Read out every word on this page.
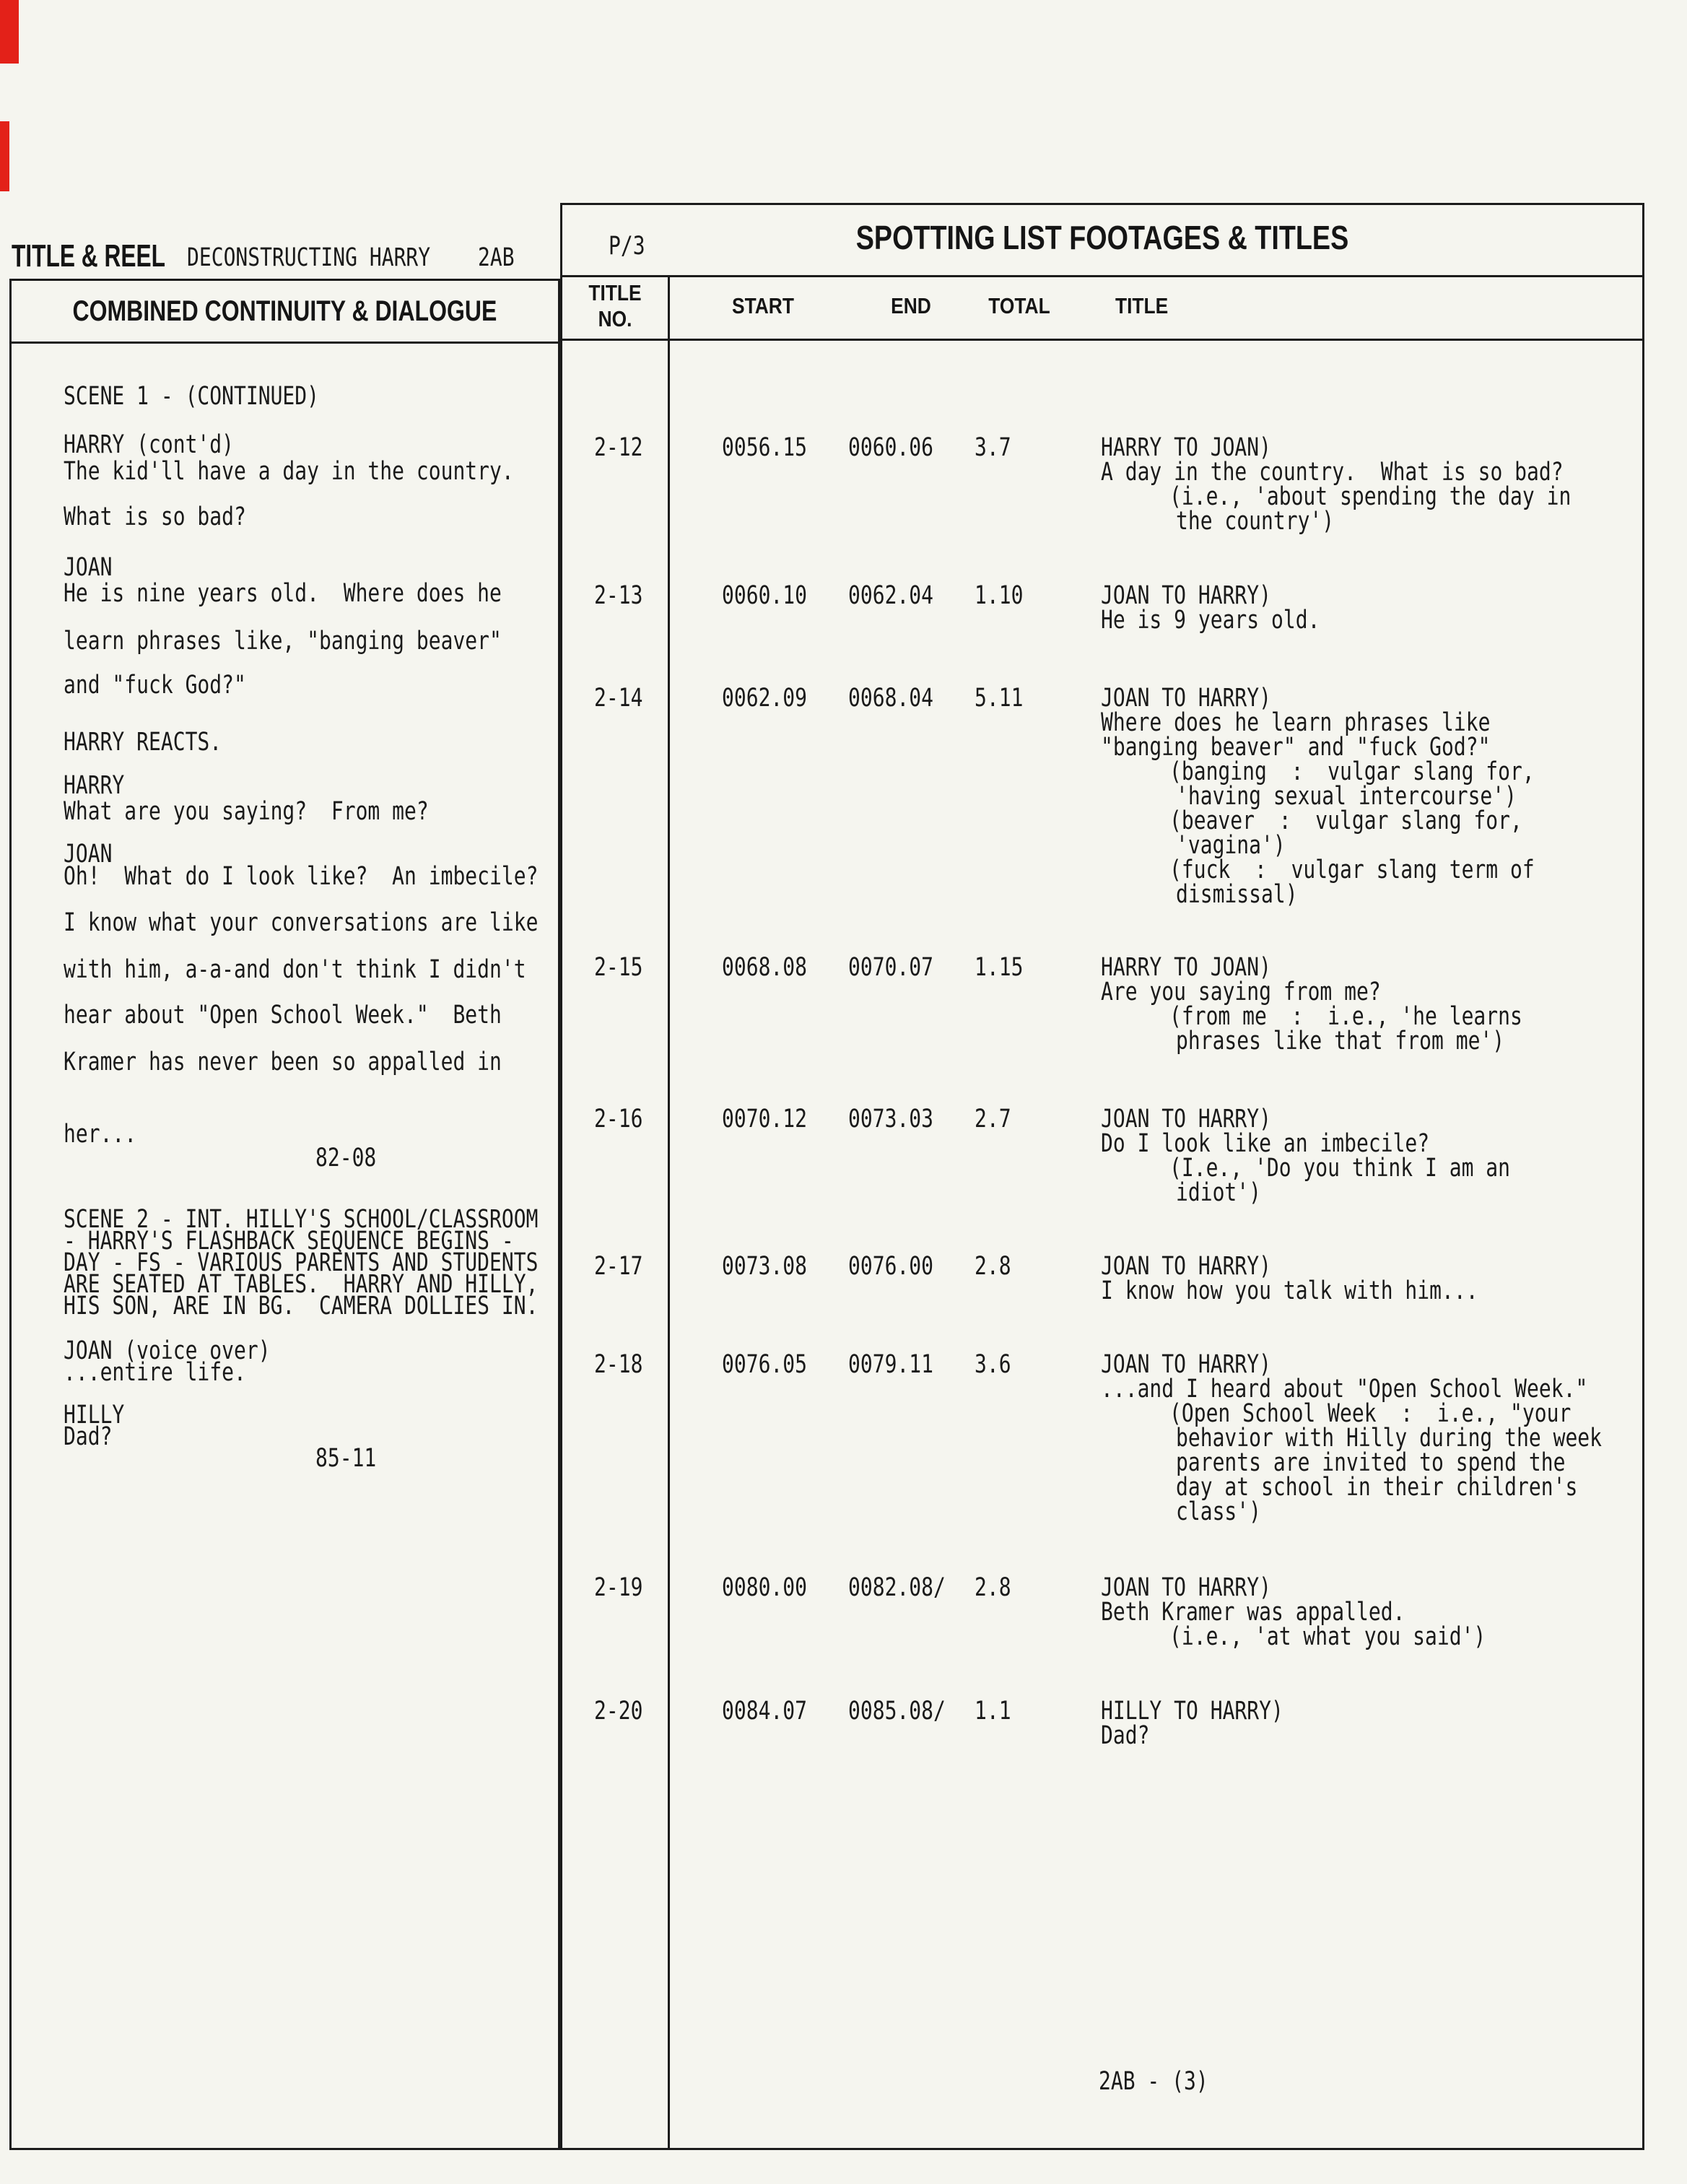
TITLE & REEL DECONSTRUCTING HARRY 2AB
COMBINED CONTINUITY & DIALOGUE
P/3	SPOTTING LIST FOOTAGES & TITLES
TITLE
NO.
START	END	TOTAL	TITLE
SCENE 1 - (CONTINUED)
HARRY (cont'd)
The kid'll have a day in the country.
What is so bad?
JOAN
He is nine years old.  Where does he
learn phrases like, "banging beaver"
and "fuck God?"
HARRY REACTS.
HARRY
What are you saying?  From me?
JOAN
Oh!  What do I look like?  An imbecile?
I know what your conversations are like
with him, a-a-and don't think I didn't
hear about "Open School Week."  Beth
Kramer has never been so appalled in
her...
82-08
SCENE 2 - INT. HILLY'S SCHOOL/CLASSROOM
- HARRY'S FLASHBACK SEQUENCE BEGINS -
DAY - FS - VARIOUS PARENTS AND STUDENTS
ARE SEATED AT TABLES.  HARRY AND HILLY,
HIS SON, ARE IN BG.  CAMERA DOLLIES IN.
JOAN (voice over)
...entire life.
HILLY
Dad?
85-11
2-12	0056.15 0060.06 3.7	HARRY TO JOAN)
A day in the country.  What is so bad?
(i.e., 'about spending the day in
the country')
2-13	0060.10 0062.04 1.10	JOAN TO HARRY)
He is 9 years old.
2-14	0062.09 0068.04 5.11	JOAN TO HARRY)
Where does he learn phrases like
"banging beaver" and "fuck God?"
(banging  :  vulgar slang for,
'having sexual intercourse')
(beaver  :  vulgar slang for,
'vagina')
(fuck  :  vulgar slang term of
dismissal)
2-15	0068.08 0070.07 1.15	HARRY TO JOAN)
Are you saying from me?
(from me  :  i.e., 'he learns
phrases like that from me')
2-16	0070.12 0073.03 2.7	JOAN TO HARRY)
Do I look like an imbecile?
(I.e., 'Do you think I am an
idiot')
2-17	0073.08 0076.00 2.8	JOAN TO HARRY)
I know how you talk with him...
2-18	0076.05 0079.11 3.6	JOAN TO HARRY)
...and I heard about "Open School Week."
(Open School Week  :  i.e., "your
behavior with Hilly during the week
parents are invited to spend the
day at school in their children's
class')
2-19	0080.00 0082.08/ 2.8	JOAN TO HARRY)
Beth Kramer was appalled.
(i.e., 'at what you said')
2-20	0084.07 0085.08/ 1.1	HILLY TO HARRY)
Dad?
2AB - (3)
